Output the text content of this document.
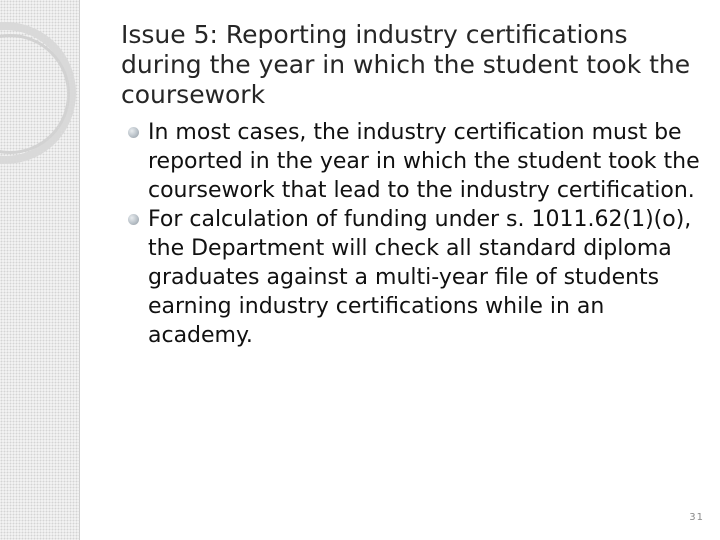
Issue 5: Reporting industry certifications during the year in which the student took the coursework
In most cases, the industry certification must be reported in the year in which the student took the coursework that lead to the industry certification.
For calculation of funding under s. 1011.62(1)(o), the Department will check all standard diploma graduates against a multi-year file of students earning industry certifications while in an academy.
31
